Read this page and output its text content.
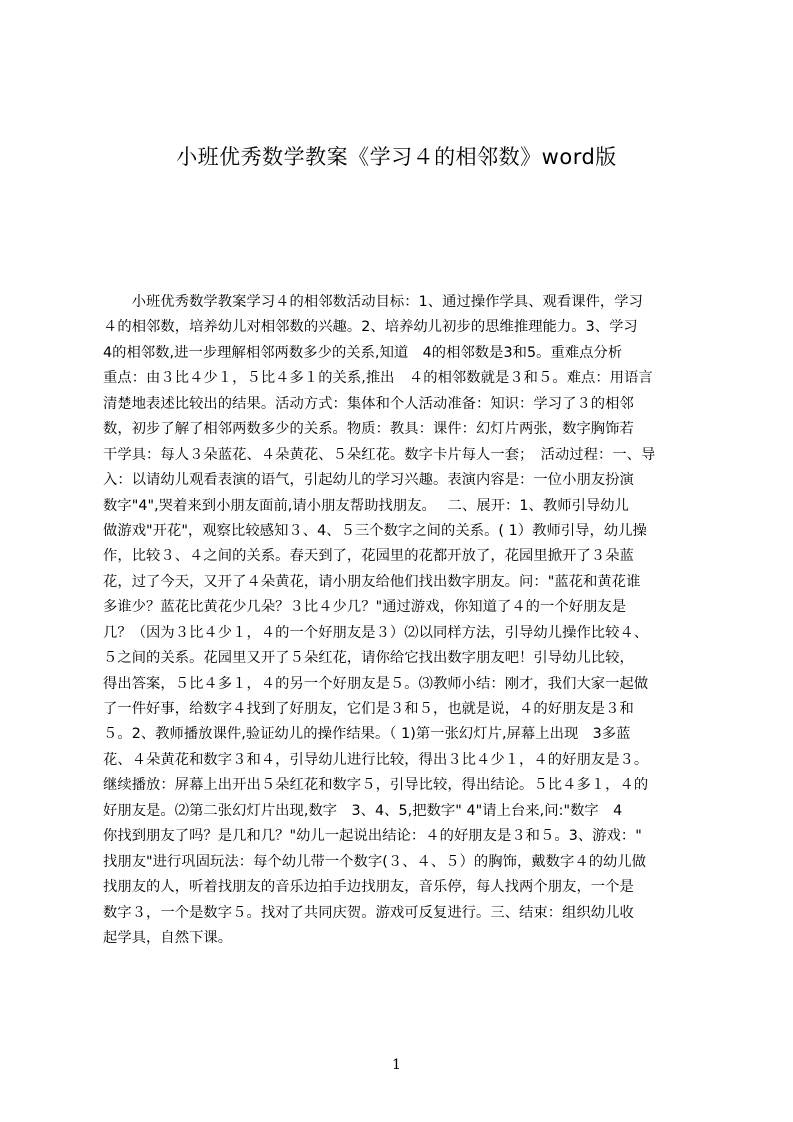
小班优秀数学教案《学习４的相邻数》word版
　　小班优秀数学教案学习４的相邻数活动目标：1、通过操作学具、观看课件，学习
４的相邻数，培养幼儿对相邻数的兴趣。2、培养幼儿初步的思维推理能力。3、学习
4的相邻数,进一步理解相邻两数多少的关系,知道　4的相邻数是3和5。重难点分析
重点：由３比４少１，５比４多１的关系,推出　４的相邻数就是３和５。难点：用语言
清楚地表述比较出的结果。活动方式：集体和个人活动准备：知识：学习了３的相邻
数，初步了解了相邻两数多少的关系。物质：教具：课件：幻灯片两张，数字胸饰若
干学具：每人３朵蓝花、４朵黄花、５朵红花。数字卡片每人一套；　活动过程：一、导
入：以请幼儿观看表演的语气，引起幼儿的学习兴趣。表演内容是：一位小朋友扮演
数字"4",哭着来到小朋友面前,请小朋友帮助找朋友。　 二、展开：1、教师引导幼儿
做游戏"开花"，观察比较感知３、4、５三个数字之间的关系。( 1）教师引导，幼儿操
作，比较３、４之间的关系。春天到了，花园里的花都开放了，花园里掀开了３朵蓝
花，过了今天，又开了４朵黄花，请小朋友给他们找出数字朋友。问："蓝花和黄花谁
多谁少？蓝花比黄花少几朵？３比４少几？"通过游戏，你知道了４的一个好朋友是
几？（因为３比４少１，４的一个好朋友是３）⑵以同样方法，引导幼儿操作比较４、
５之间的关系。花园里又开了５朵红花，请你给它找出数字朋友吧！引导幼儿比较，
得出答案，５比４多１，４的另一个好朋友是５。⑶教师小结：刚才，我们大家一起做
了一件好事，给数字４找到了好朋友，它们是３和５，也就是说，４的好朋友是３和
５。2、教师播放课件,验证幼儿的操作结果。（ 1)第一张幻灯片,屏幕上出现　3多蓝
花、４朵黄花和数字３和４，引导幼儿进行比较，得出３比４少１，４的好朋友是３。
继续播放：屏幕上出开出５朵红花和数字５，引导比较，得出结论。５比４多１，４的
好朋友是。⑵第二张幻灯片出现,数字　3、4、5,把数字" 4"请上台来,问:"数字　4
你找到朋友了吗？是几和几？"幼儿一起说出结论：４的好朋友是３和５。3、游戏："
找朋友"进行巩固玩法：每个幼儿带一个数字(３、４、５）的胸饰，戴数字４的幼儿做
找朋友的人，听着找朋友的音乐边拍手边找朋友，音乐停，每人找两个朋友，一个是
数字３，一个是数字５。找对了共同庆贺。游戏可反复进行。三、结束：组织幼儿收
起学具，自然下课。
1
